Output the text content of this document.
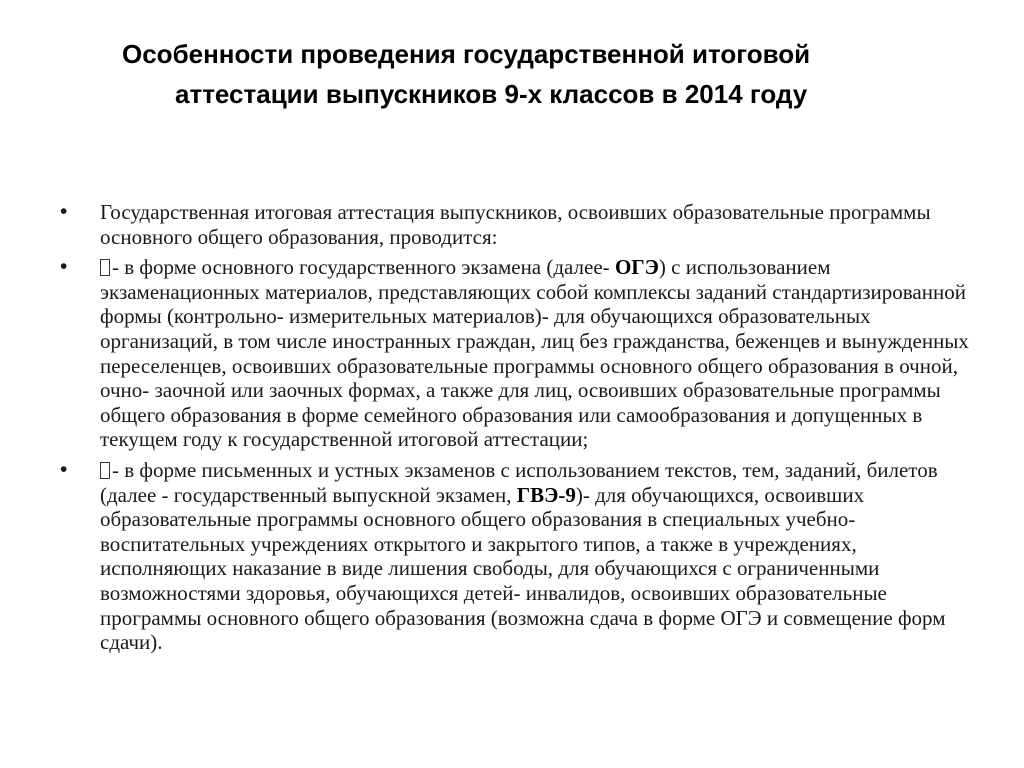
Особенности проведения государственной итоговой
аттестации выпускников 9-х классов в 2014 году
•	Государственная итоговая аттестация выпускников, освоивших образовательные программы основного общего образования, проводится:
•	- в форме основного государственного экзамена (далее- ОГЭ) с использованием экзаменационных материалов, представляющих собой комплексы заданий стандартизированной формы (контрольно- измерительных материалов)- для обучающихся образовательных организаций, в том числе иностранных граждан, лиц без гражданства, беженцев и вынужденных переселенцев, освоивших образовательные программы основного общего образования в очной, очно- заочной или заочных формах, а также для лиц, освоивших образовательные программы общего образования в форме семейного образования или самообразования и допущенных в текущем году к государственной итоговой аттестации;
•	- в форме письменных и устных экзаменов с использованием текстов, тем, заданий, билетов (далее - государственный выпускной экзамен, ГВЭ-9)- для обучающихся, освоивших образовательные программы основного общего образования в специальных учебно- воспитательных учреждениях открытого и закрытого типов, а также в учреждениях, исполняющих наказание в виде лишения свободы, для обучающихся с ограниченными возможностями здоровья, обучающихся детей- инвалидов, освоивших образовательные программы основного общего образования (возможна сдача в форме ОГЭ и совмещение форм сдачи).
